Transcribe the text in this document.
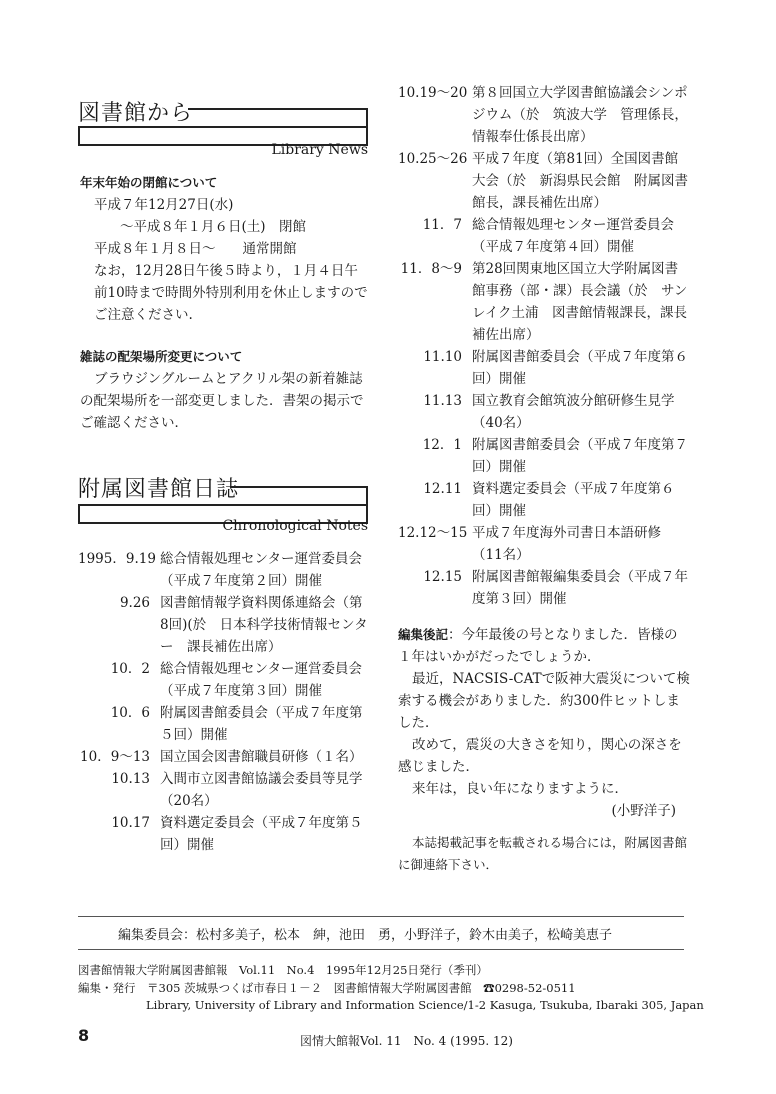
図書館から
Library News
年末年始の閉館について
平成７年12月27日(水)
～平成８年１月６日(土)　閉館
平成８年１月８日～　　通常開館
なお，12月28日午後５時より，１月４日午前10時まで時間外特別利用を休止しますのでご注意ください.
雑誌の配架場所変更について
ブラウジングルームとアクリル架の新着雑誌の配架場所を一部変更しました．書架の掲示でご確認ください．
附属図書館日誌
Chronological Notes
1995．9.19 総合情報処理センター運営委員会（平成７年度第２回）開催
9.26 図書館情報学資料関係連絡会（第8回)(於　日本科学技術情報センター　課長補佐出席）
10．2 総合情報処理センター運営委員会（平成７年度第３回）開催
10．6 附属図書館委員会（平成７年度第５回）開催
10．9～13 国立国会図書館職員研修（１名）
10.13 入間市立図書館協議会委員等見学（20名）
10.17 資料選定委員会（平成７年度第５回）開催
10.19～20 第８回国立大学図書館協議会シンポジウム（於　筑波大学　管理係長，情報奉仕係長出席）
10.25～26 平成７年度（第81回）全国図書館大会（於　新潟県民会館　附属図書館長，課長補佐出席）
11．7 総合情報処理センター運営委員会（平成７年度第４回）開催
11．8～9 第28回関東地区国立大学附属図書館事務（部・課）長会議（於　サンレイク土浦　図書館情報課長，課長補佐出席）
11.10 附属図書館委員会（平成７年度第６回）開催
11.13 国立教育会館筑波分館研修生見学（40名）
12．1 附属図書館委員会（平成７年度第７回）開催
12.11 資料選定委員会（平成７年度第６回）開催
12.12～15 平成７年度海外司書日本語研修（11名）
12.15 附属図書館報編集委員会（平成７年度第３回）開催
編集後記：今年最後の号となりました．皆様の１年はいかがだったでしょうか．
最近，NACSIS-CATで阪神大震災について検索する機会がありました．約300件ヒットしました．
改めて，震災の大きさを知り，関心の深さを感じました．
来年は，良い年になりますように．
(小野洋子)
本誌掲載記事を転載される場合には，附属図書館に御連絡下さい．
編集委員会：松村多美子，松本　紳，池田　勇，小野洋子，鈴木由美子，松崎美恵子
図書館情報大学附属図書館報　Vol.11　No.4　1995年12月25日発行（季刊）
編集・発行　〒305 茨城県つくば市春日１－２　図書館情報大学附属図書館　☎0298-52-0511
Library, University of Library and Information Science/1-2 Kasuga, Tsukuba, Ibaraki 305, Japan
8	図情大館報Vol. 11　No. 4 (1995. 12)
